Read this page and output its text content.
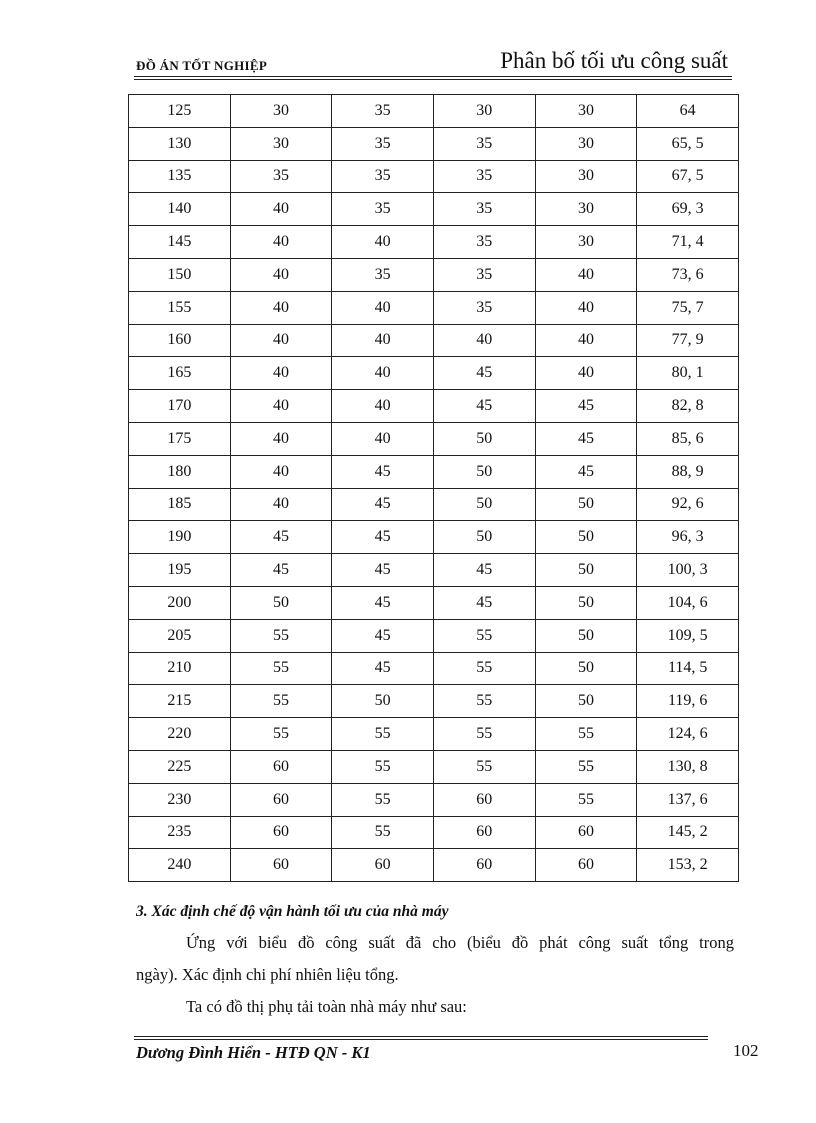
ĐỒ ÁN TỐT NGHIỆP	Phân bố tối ưu công suất
125	30	35	30	30	64
130	30	35	35	30	65, 5
135	35	35	35	30	67, 5
140	40	35	35	30	69, 3
145	40	40	35	30	71, 4
150	40	35	35	40	73, 6
155	40	40	35	40	75, 7
160	40	40	40	40	77, 9
165	40	40	45	40	80, 1
170	40	40	45	45	82, 8
175	40	40	50	45	85, 6
180	40	45	50	45	88, 9
185	40	45	50	50	92, 6
190	45	45	50	50	96, 3
195	45	45	45	50	100, 3
200	50	45	45	50	104, 6
205	55	45	55	50	109, 5
210	55	45	55	50	114, 5
215	55	50	55	50	119, 6
220	55	55	55	55	124, 6
225	60	55	55	55	130, 8
230	60	55	60	55	137, 6
235	60	55	60	60	145, 2
240	60	60	60	60	153, 2
3. Xác định chế độ vận hành tối ưu của nhà máy
Ứng với biểu đồ công suất đã cho (biểu đồ phát công suất tổng trong
ngày). Xác định chi phí nhiên liệu tổng.
Ta có đồ thị phụ tải toàn nhà máy như sau:
Dương Đình Hiển - HTĐ QN - K1	102
